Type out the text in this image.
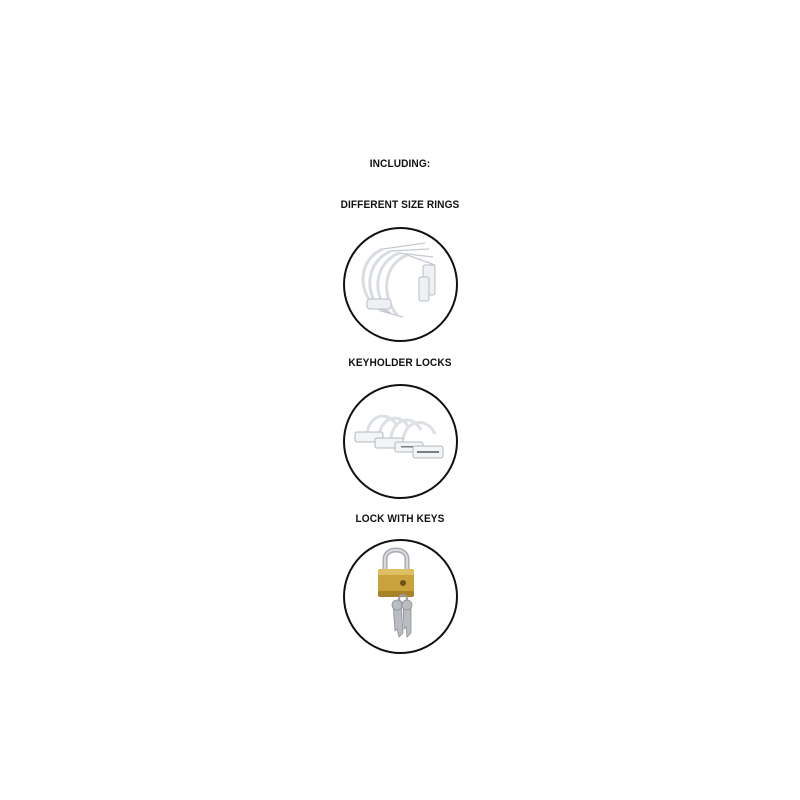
INCLUDING:
DIFFERENT SIZE RINGS
KEYHOLDER LOCKS
LOCK WITH KEYS
